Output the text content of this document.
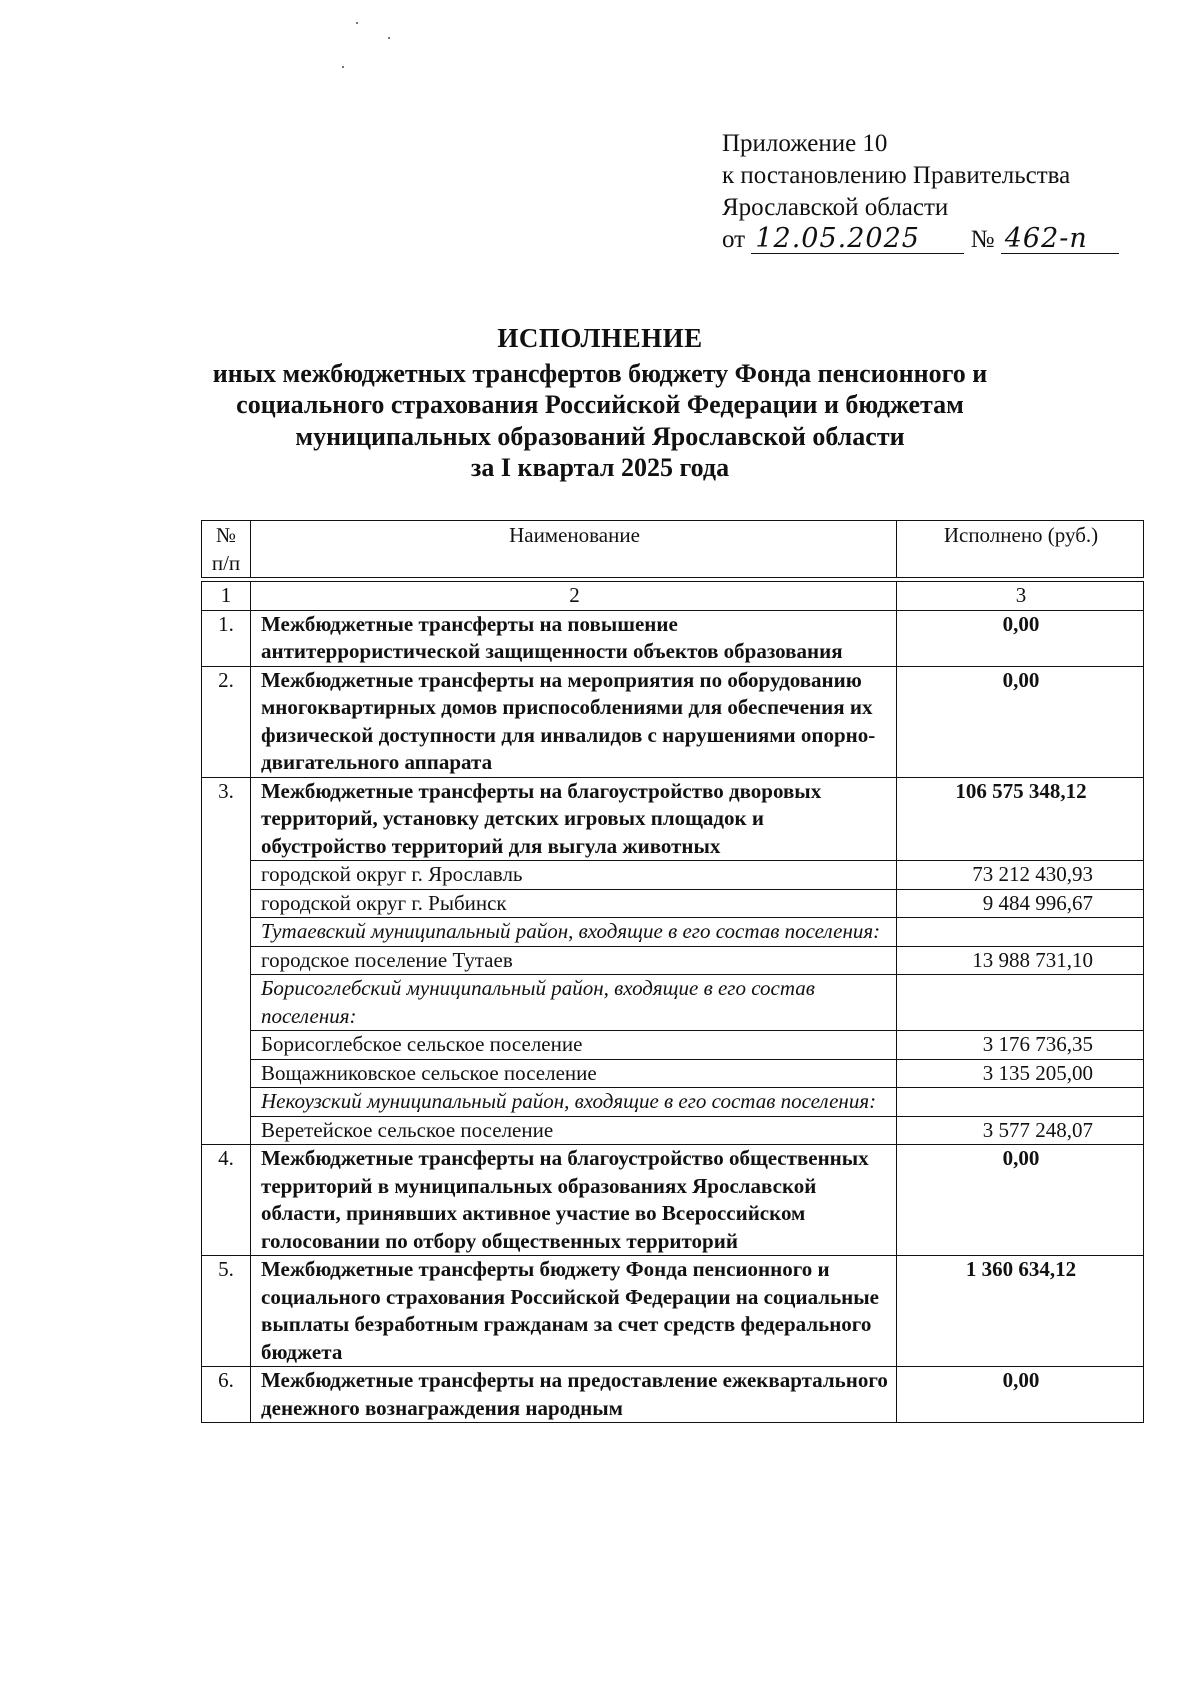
Приложение 10
к постановлению Правительства
Ярославской области
от 12.05.2025 № 462-п
ИСПОЛНЕНИЕ
иных межбюджетных трансфертов бюджету Фонда пенсионного и
социального страхования Российской Федерации и бюджетам
муниципальных образований Ярославской области
за I квартал 2025 года
№ п/п	Наименование	Исполнено (руб.)

1	2	3
1.	Межбюджетные трансферты на повышение антитеррористической защищенности объектов образования	0,00
2.	Межбюджетные трансферты на мероприятия по оборудованию многоквартирных домов приспособлениями для обеспечения их физической доступности для инвалидов с нарушениями опорно-двигательного аппарата	0,00
3.	Межбюджетные трансферты на благоустройство дворовых территорий, установку детских игровых площадок и обустройство территорий для выгула животных	106 575 348,12
	городской округ г. Ярославль	73 212 430,93
	городской округ г. Рыбинск	9 484 996,67
	Тутаевский муниципальный район, входящие в его состав поселения:	
	городское поселение Тутаев	13 988 731,10
	Борисоглебский муниципальный район, входящие в его состав поселения:	
	Борисоглебское сельское поселение	3 176 736,35
	Вощажниковское сельское поселение	3 135 205,00
	Некоузский муниципальный район, входящие в его состав поселения:	
	Веретейское сельское поселение	3 577 248,07
4.	Межбюджетные трансферты на благоустройство общественных территорий в муниципальных образованиях Ярославской области, принявших активное участие во Всероссийском голосовании по отбору общественных территорий	0,00
5.	Межбюджетные трансферты бюджету Фонда пенсионного и социального страхования Российской Федерации на социальные выплаты безработным гражданам за счет средств федерального бюджета	1 360 634,12
6.	Межбюджетные трансферты на предоставление ежеквартального денежного вознаграждения народным	0,00
